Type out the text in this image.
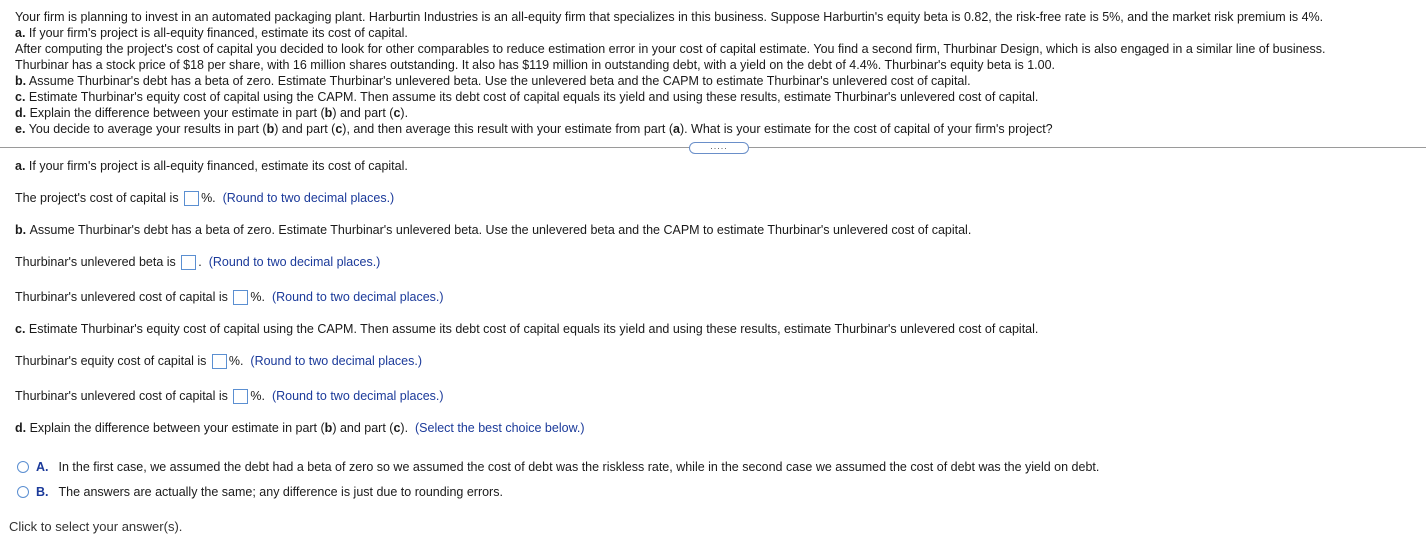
Your firm is planning to invest in an automated packaging plant. Harburtin Industries is an all-equity firm that specializes in this business. Suppose Harburtin's equity beta is 0.82, the risk-free rate is 5%, and the market risk premium is 4%.
a. If your firm's project is all-equity financed, estimate its cost of capital.
After computing the project's cost of capital you decided to look for other comparables to reduce estimation error in your cost of capital estimate. You find a second firm, Thurbinar Design, which is also engaged in a similar line of business.
Thurbinar has a stock price of $18 per share, with 16 million shares outstanding. It also has $119 million in outstanding debt, with a yield on the debt of 4.4%. Thurbinar's equity beta is 1.00.
b. Assume Thurbinar's debt has a beta of zero. Estimate Thurbinar's unlevered beta. Use the unlevered beta and the CAPM to estimate Thurbinar's unlevered cost of capital.
c. Estimate Thurbinar's equity cost of capital using the CAPM. Then assume its debt cost of capital equals its yield and using these results, estimate Thurbinar's unlevered cost of capital.
d. Explain the difference between your estimate in part (b) and part (c).
e. You decide to average your results in part (b) and part (c), and then average this result with your estimate from part (a). What is your estimate for the cost of capital of your firm's project?
.....
a.
If your firm's project is all-equity financed, estimate its cost of capital.
The project's cost of capital is
%.
(Round to two decimal places.)
b.
Assume Thurbinar's debt has a beta of zero. Estimate Thurbinar's unlevered beta. Use the unlevered beta and the CAPM to estimate Thurbinar's unlevered cost of capital.
Thurbinar's unlevered beta is
.
(Round to two decimal places.)
Thurbinar's unlevered cost of capital is
%.
(Round to two decimal places.)
c.
Estimate Thurbinar's equity cost of capital using the CAPM. Then assume its debt cost of capital equals its yield and using these results, estimate Thurbinar's unlevered cost of capital.
Thurbinar's equity cost of capital is
%.
(Round to two decimal places.)
Thurbinar's unlevered cost of capital is
%.
(Round to two decimal places.)
d.
Explain the difference between your estimate in part ( b ) and part ( c ).
(Select the best choice below.)
A. In the first case, we assumed the debt had a beta of zero so we assumed the cost of debt was the riskless rate, while in the second case we assumed the cost of debt was the yield on debt.
B. The answers are actually the same; any difference is just due to rounding errors.
Click to select your answer(s).
